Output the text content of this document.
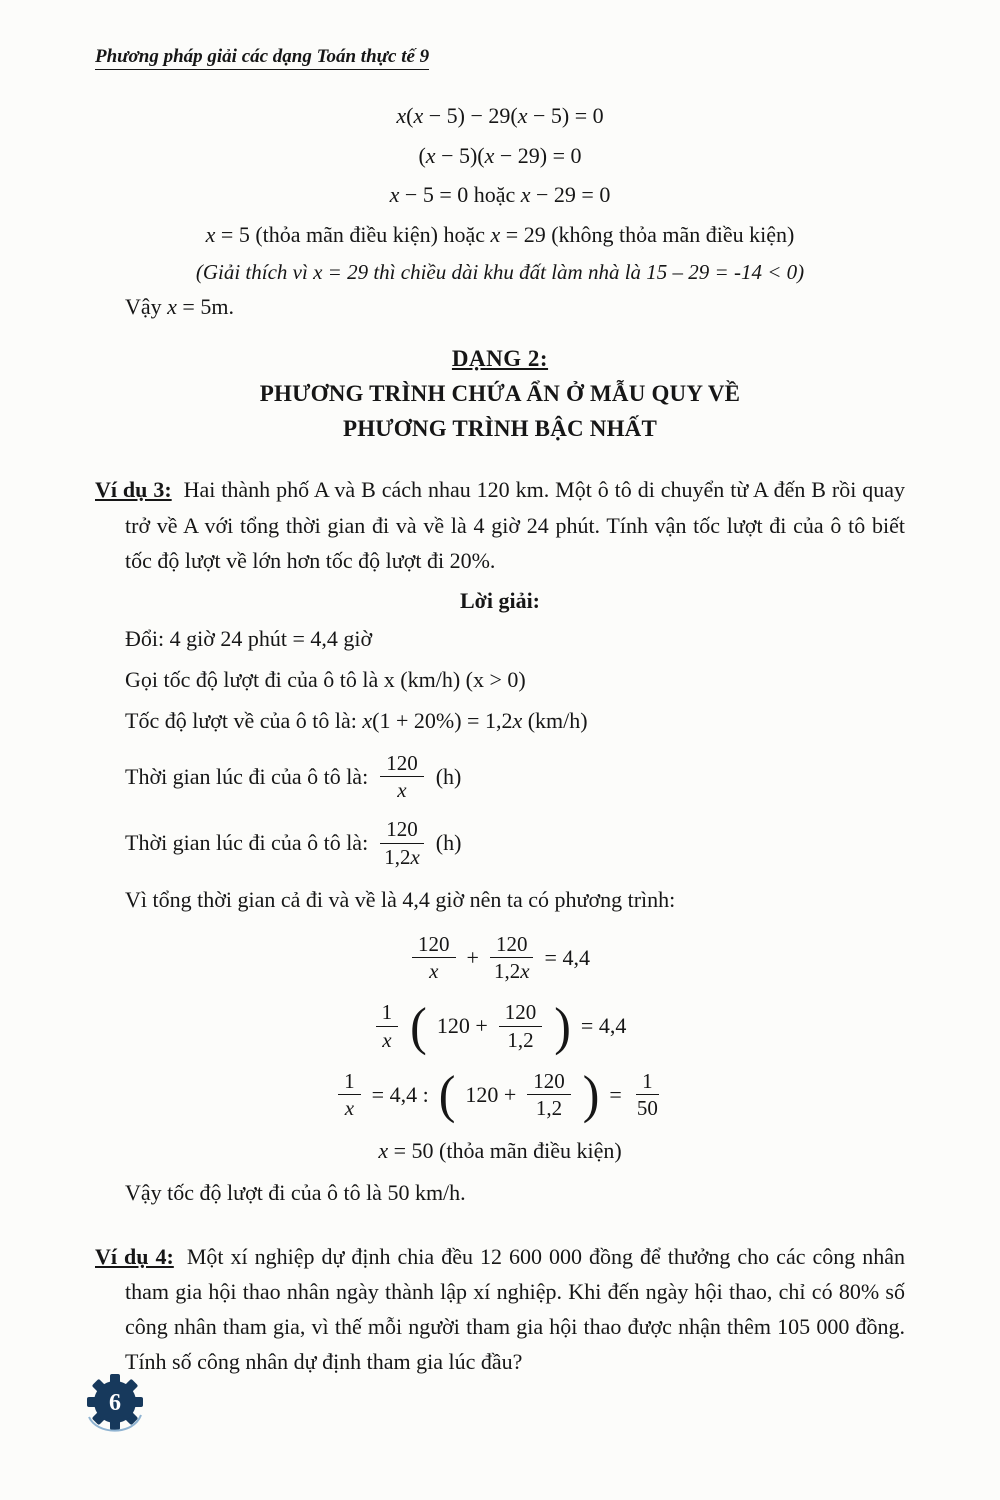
Phương pháp giải các dạng Toán thực tế 9
x(x − 5) − 29(x − 5) = 0
(x − 5)(x − 29) = 0
x − 5 = 0 hoặc x − 29 = 0
x = 5 (thỏa mãn điều kiện) hoặc x = 29 (không thỏa mãn điều kiện)
(Giải thích vì x = 29 thì chiều dài khu đất làm nhà là 15 – 29 = -14 < 0)
Vậy x = 5m.
DẠNG 2:
PHƯƠNG TRÌNH CHỨA ẨN Ở MẪU QUY VỀ
PHƯƠNG TRÌNH BẬC NHẤT

Ví dụ 3: Hai thành phố A và B cách nhau 120 km. Một ô tô di chuyển từ A đến B rồi quay trở về A với tổng thời gian đi và về là 4 giờ 24 phút. Tính vận tốc lượt đi của ô tô biết tốc độ lượt về lớn hơn tốc độ lượt đi 20%.

Lời giải:
Đổi: 4 giờ 24 phút = 4,4 giờ
Gọi tốc độ lượt đi của ô tô là x (km/h) (x > 0)
Tốc độ lượt về của ô tô là: x(1 + 20%) = 1,2x (km/h)
Thời gian lúc đi của ô tô là: $\frac{120}{x} (h)$
Thời gian lúc đi của ô tô là: $\frac{120}{1,2x} (h)$
Vì tổng thời gian cả đi và về là 4,4 giờ nên ta có phương trình:
$\frac{120}{x} + \frac{120}{1,2x} = 4,4$
$\frac{1}{x}$ ( $120 + \frac{120}{1,2}$ ) = 4,4
$\frac{1}{x} = 4,4$ : ( $120 + \frac{120}{1,2}$ ) = $\frac{1}{50}$
x = 50 (thỏa mãn điều kiện)
Vậy tốc độ lượt đi của ô tô là 50 km/h.

Ví dụ 4: Một xí nghiệp dự định chia đều 12 600 000 đồng để thưởng cho các công nhân tham gia hội thao nhân ngày thành lập xí nghiệp. Khi đến ngày hội thao, chỉ có 80% số công nhân tham gia, vì thế mỗi người tham gia hội thao được nhận thêm 105 000 đồng. Tính số công nhân dự định tham gia lúc đầu?

6
